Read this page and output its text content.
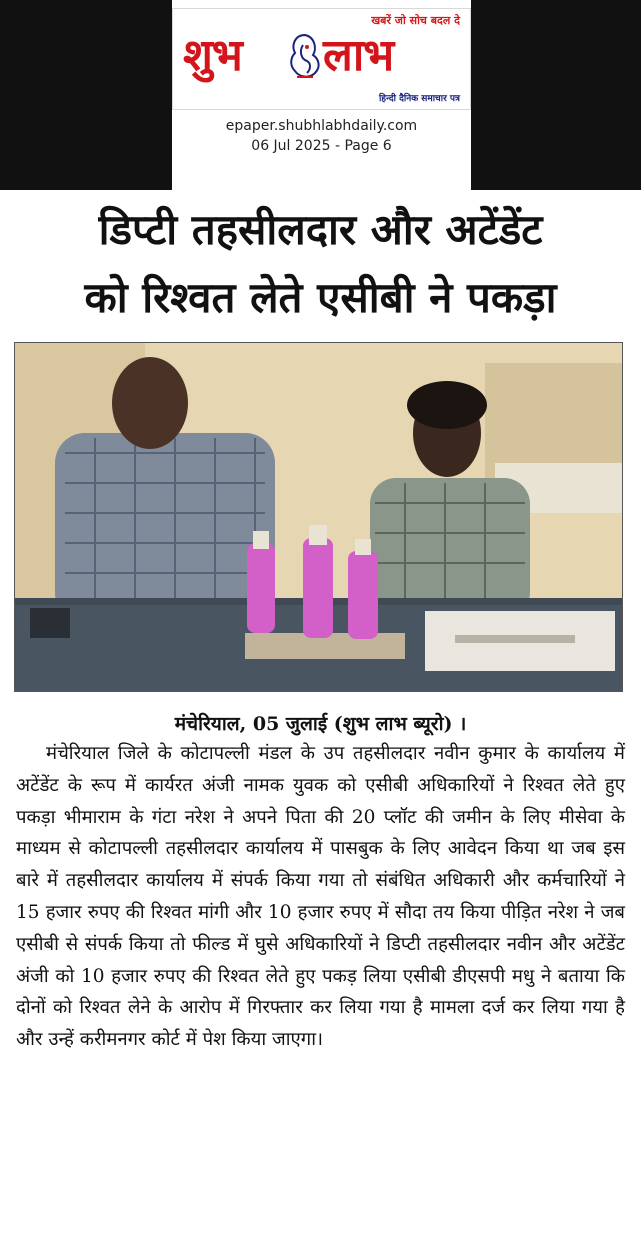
खबरें जो सोच बदल दे
शुभ लाभ
हिन्दी दैनिक समाचार पत्र
epaper.shubhlabhdaily.com
06 Jul 2025 - Page 6
डिप्टी तहसीलदार और अटेंडेंट
को रिश्वत लेते एसीबी ने पकड़ा
मंचेरियाल, 05 जुलाई (शुभ लाभ ब्यूरो) ।

मंचेरियाल जिले के कोटापल्ली मंडल के उप तहसीलदार नवीन कुमार के कार्यालय में अटेंडेंट के रूप में कार्यरत अंजी नामक युवक को एसीबी अधिकारियों ने रिश्वत लेते हुए पकड़ा भीमाराम के गंटा नरेश ने अपने पिता की 20 प्लॉट की जमीन के लिए मीसेवा के माध्यम से कोटापल्ली तहसीलदार कार्यालय में पासबुक के लिए आवेदन किया था जब इस बारे में तहसीलदार कार्यालय में संपर्क किया गया तो संबंधित अधिकारी और कर्मचारियों ने 15 हजार रुपए की रिश्वत मांगी और 10 हजार रुपए में सौदा तय किया पीड़ित नरेश ने जब एसीबी से संपर्क किया तो फील्ड में घुसे अधिकारियों ने डिप्टी तहसीलदार नवीन और अटेंडेंट अंजी को 10 हजार रुपए की रिश्वत लेते हुए पकड़ लिया एसीबी डीएसपी मधु ने बताया कि दोनों को रिश्वत लेने के आरोप में गिरफ्तार कर लिया गया है मामला दर्ज कर लिया गया है और उन्हें करीमनगर कोर्ट में पेश किया जाएगा।
